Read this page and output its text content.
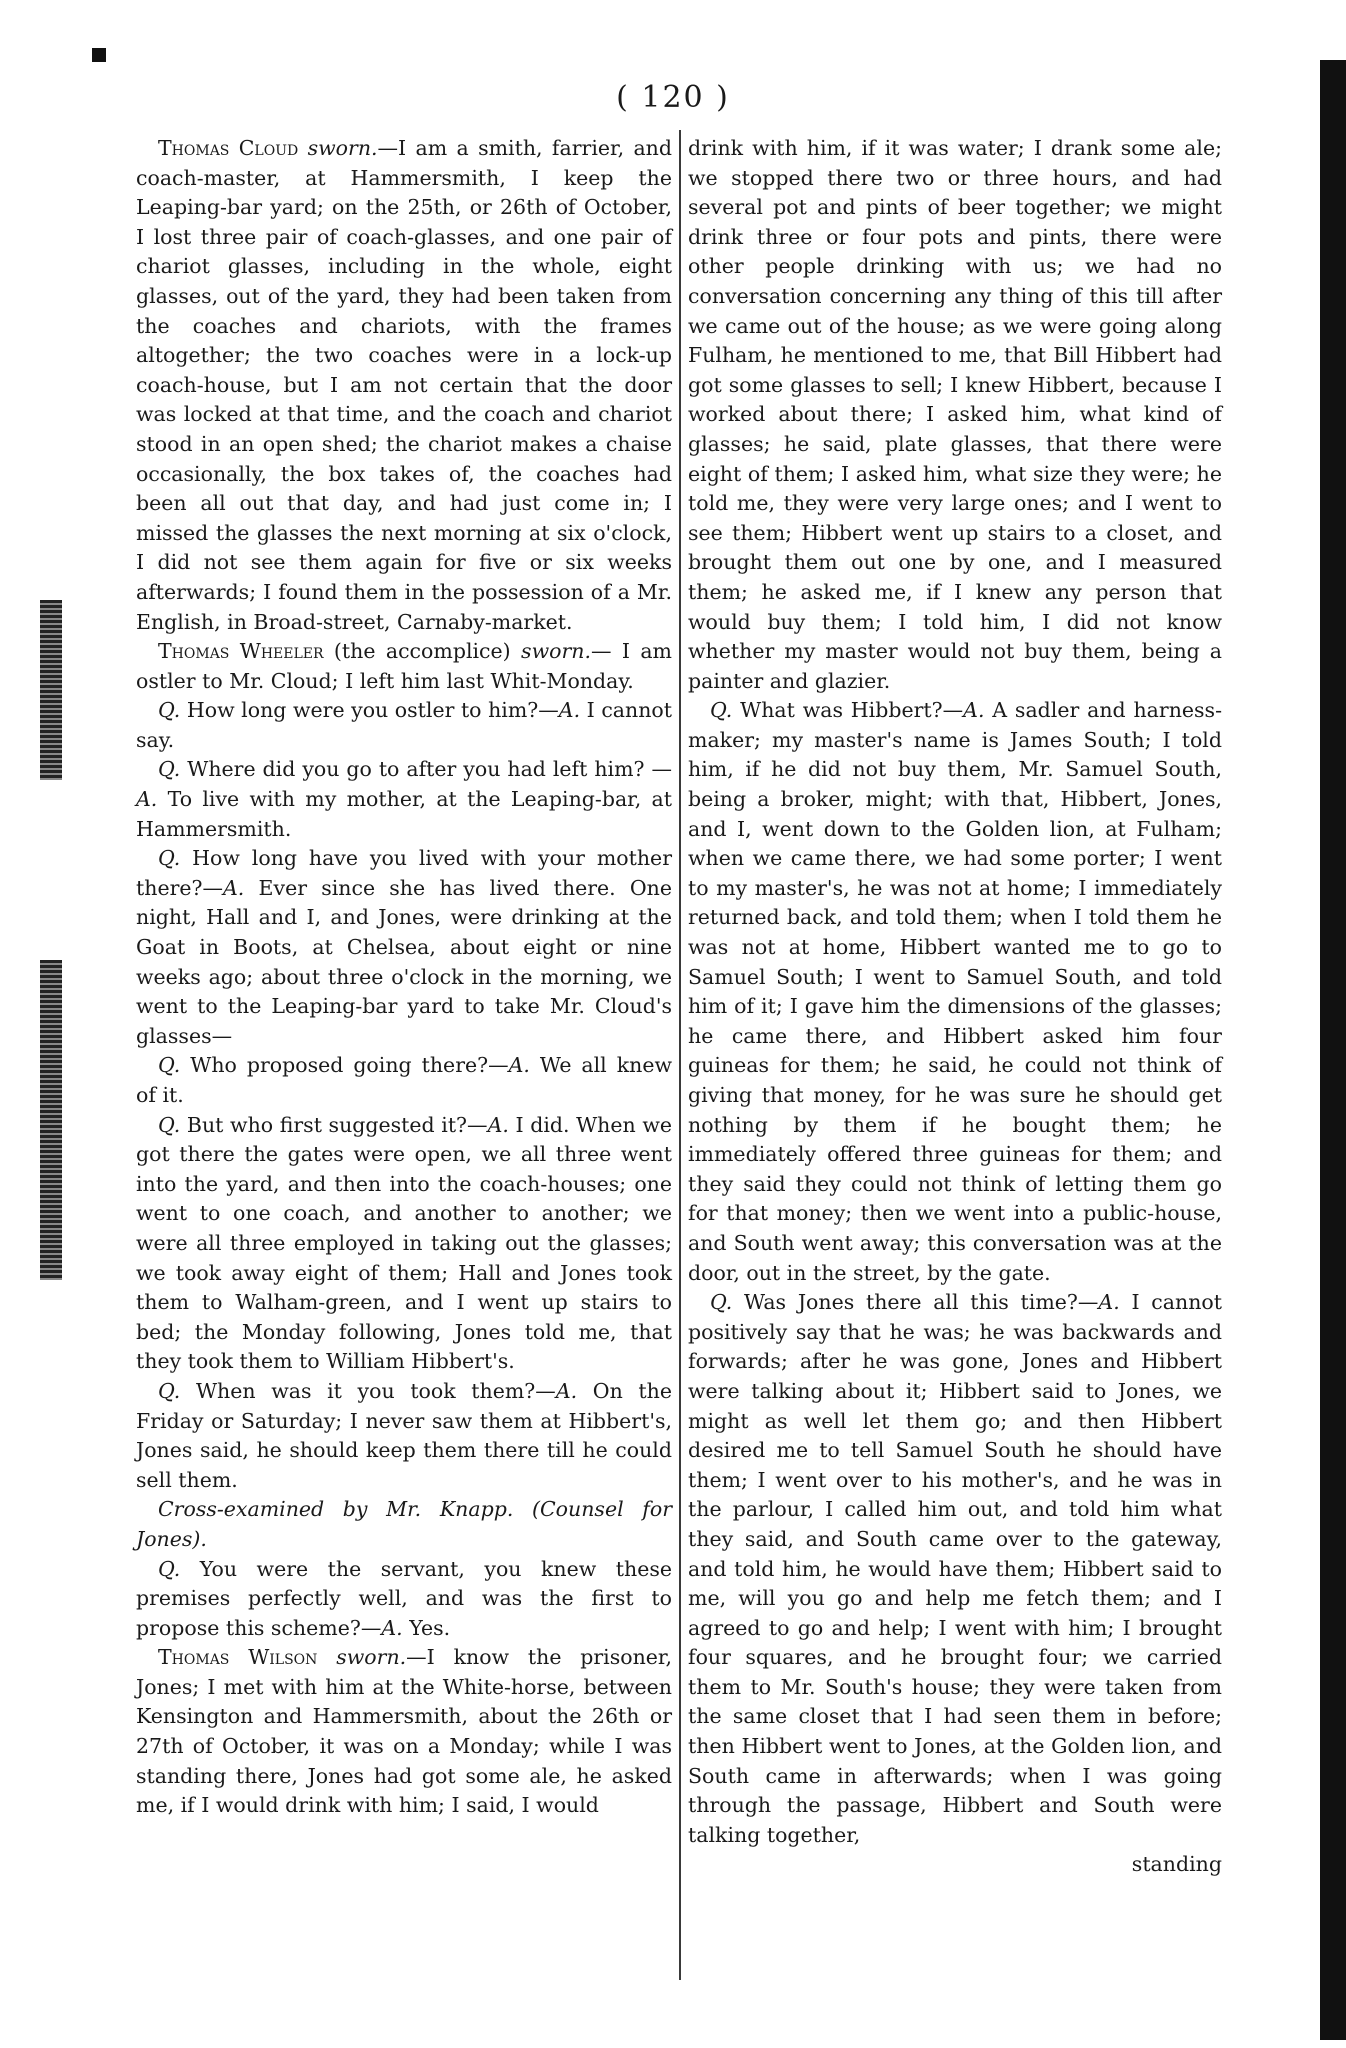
( 120 )

Thomas Cloud sworn.—I am a smith, farrier, and coach-master, at Hammersmith, I keep the Leaping-bar yard; on the 25th, or 26th of October, I lost three pair of coach-glasses, and one pair of chariot glasses, including in the whole, eight glasses, out of the yard, they had been taken from the coaches and chariots, with the frames altogether; the two coaches were in a lock-up coach-house, but I am not certain that the door was locked at that time, and the coach and chariot stood in an open shed; the chariot makes a chaise occasionally, the box takes of, the coaches had been all out that day, and had just come in; I missed the glasses the next morning at six o'clock, I did not see them again for five or six weeks afterwards; I found them in the possession of a Mr. English, in Broad-street, Carnaby-market.

Thomas Wheeler (the accomplice) sworn.— I am ostler to Mr. Cloud; I left him last Whit-Monday.

Q. How long were you ostler to him?—A. I cannot say.

Q. Where did you go to after you had left him? —A. To live with my mother, at the Leaping-bar, at Hammersmith.

Q. How long have you lived with your mother there?—A. Ever since she has lived there. One night, Hall and I, and Jones, were drinking at the Goat in Boots, at Chelsea, about eight or nine weeks ago; about three o'clock in the morning, we went to the Leaping-bar yard to take Mr. Cloud's glasses—

Q. Who proposed going there?—A. We all knew of it.

Q. But who first suggested it?—A. I did. When we got there the gates were open, we all three went into the yard, and then into the coach-houses; one went to one coach, and another to another; we were all three employed in taking out the glasses; we took away eight of them; Hall and Jones took them to Walham-green, and I went up stairs to bed; the Monday following, Jones told me, that they took them to William Hibbert's.

Q. When was it you took them?—A. On the Friday or Saturday; I never saw them at Hibbert's, Jones said, he should keep them there till he could sell them.

Cross-examined by Mr. Knapp. (Counsel for Jones).

Q. You were the servant, you knew these premises perfectly well, and was the first to propose this scheme?—A. Yes.

Thomas Wilson sworn.—I know the prisoner, Jones; I met with him at the White-horse, between Kensington and Hammersmith, about the 26th or 27th of October, it was on a Monday; while I was standing there, Jones had got some ale, he asked me, if I would drink with him; I said, I would

drink with him, if it was water; I drank some ale; we stopped there two or three hours, and had several pot and pints of beer together; we might drink three or four pots and pints, there were other people drinking with us; we had no conversation concerning any thing of this till after we came out of the house; as we were going along Fulham, he mentioned to me, that Bill Hibbert had got some glasses to sell; I knew Hibbert, because I worked about there; I asked him, what kind of glasses; he said, plate glasses, that there were eight of them; I asked him, what size they were; he told me, they were very large ones; and I went to see them; Hibbert went up stairs to a closet, and brought them out one by one, and I measured them; he asked me, if I knew any person that would buy them; I told him, I did not know whether my master would not buy them, being a painter and glazier.

Q. What was Hibbert?—A. A sadler and harness-maker; my master's name is James South; I told him, if he did not buy them, Mr. Samuel South, being a broker, might; with that, Hibbert, Jones, and I, went down to the Golden lion, at Fulham; when we came there, we had some porter; I went to my master's, he was not at home; I immediately returned back, and told them; when I told them he was not at home, Hibbert wanted me to go to Samuel South; I went to Samuel South, and told him of it; I gave him the dimensions of the glasses; he came there, and Hibbert asked him four guineas for them; he said, he could not think of giving that money, for he was sure he should get nothing by them if he bought them; he immediately offered three guineas for them; and they said they could not think of letting them go for that money; then we went into a public-house, and South went away; this conversation was at the door, out in the street, by the gate.

Q. Was Jones there all this time?—A. I cannot positively say that he was; he was backwards and forwards; after he was gone, Jones and Hibbert were talking about it; Hibbert said to Jones, we might as well let them go; and then Hibbert desired me to tell Samuel South he should have them; I went over to his mother's, and he was in the parlour, I called him out, and told him what they said, and South came over to the gateway, and told him, he would have them; Hibbert said to me, will you go and help me fetch them; and I agreed to go and help; I went with him; I brought four squares, and he brought four; we carried them to Mr. South's house; they were taken from the same closet that I had seen them in before; then Hibbert went to Jones, at the Golden lion, and South came in afterwards; when I was going through the passage, Hibbert and South were talking together,

standing
